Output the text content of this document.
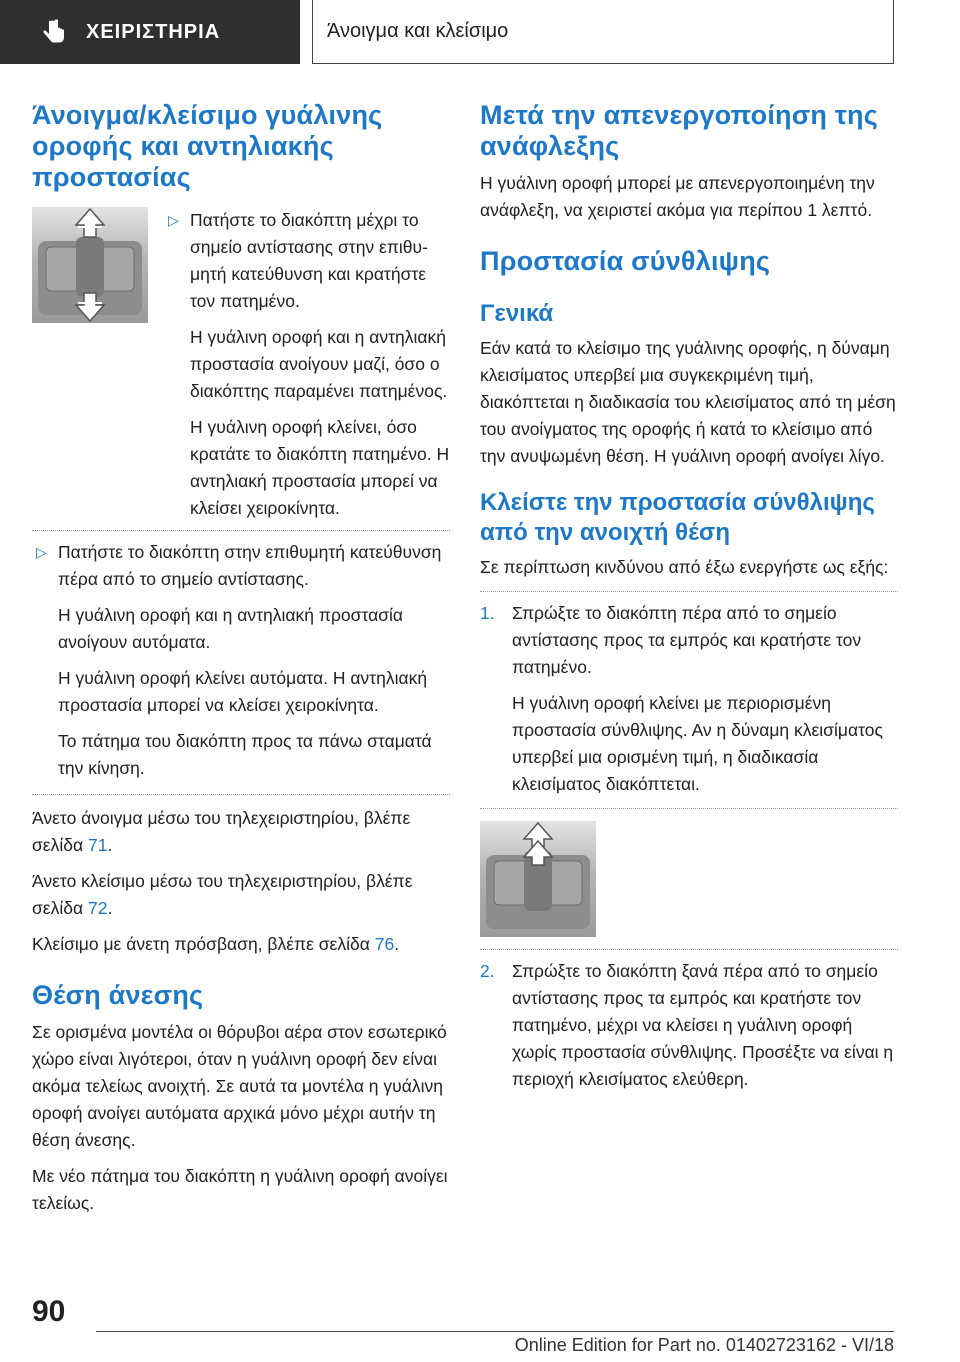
ΧΕΙΡΙΣΤΗΡΙΑ	Άνοιγμα και κλείσιμο
Άνοιγμα/κλείσιμο γυάλινης οροφής και αντηλιακής προστασίας
▷ Πατήστε το διακόπτη μέχρι το σημείο αντίστασης στην επιθυμητή κατεύθυνση και κρατήστε τον πατημένο.

Η γυάλινη οροφή και η αντηλιακή προστασία ανοίγουν μαζί, όσο ο διακόπτης παραμένει πατημένος.

Η γυάλινη οροφή κλείνει, όσο κρατάτε το διακόπτη πατημένο. Η αντηλιακή προστασία μπορεί να κλείσει χειροκίνητα.

▷ Πατήστε το διακόπτη στην επιθυμητή κατεύθυνση πέρα από το σημείο αντίστασης.

Η γυάλινη οροφή και η αντηλιακή προστασία ανοίγουν αυτόματα.

Η γυάλινη οροφή κλείνει αυτόματα. Η αντηλιακή προστασία μπορεί να κλείσει χειροκίνητα.

Το πάτημα του διακόπτη προς τα πάνω σταματά την κίνηση.

Άνετο άνοιγμα μέσω του τηλεχειριστηρίου, βλέπε σελίδα 71.

Άνετο κλείσιμο μέσω του τηλεχειριστηρίου, βλέπε σελίδα 72.

Κλείσιμο με άνετη πρόσβαση, βλέπε σελίδα 76.

Θέση άνεσης

Σε ορισμένα μοντέλα οι θόρυβοι αέρα στον εσωτερικό χώρο είναι λιγότεροι, όταν η γυάλινη οροφή δεν είναι ακόμα τελείως ανοιχτή. Σε αυτά τα μοντέλα η γυάλινη οροφή ανοίγει αυτόματα αρχικά μόνο μέχρι αυτήν τη θέση άνεσης.

Με νέο πάτημα του διακόπτη η γυάλινη οροφή ανοίγει τελείως.

Μετά την απενεργοποίηση της ανάφλεξης

Η γυάλινη οροφή μπορεί με απενεργοποιημένη την ανάφλεξη, να χειριστεί ακόμα για περίπου 1 λεπτό.

Προστασία σύνθλιψης
Γενικά

Εάν κατά το κλείσιμο της γυάλινης οροφής, η δύναμη κλεισίματος υπερβεί μια συγκεκριμένη τιμή, διακόπτεται η διαδικασία του κλεισίματος από τη μέση του ανοίγματος της οροφής ή κατά το κλείσιμο από την ανυψωμένη θέση. Η γυάλινη οροφή ανοίγει λίγο.

Κλείστε την προστασία σύνθλιψης από την ανοιχτή θέση

Σε περίπτωση κινδύνου από έξω ενεργήστε ως εξής:

1. Σπρώξτε το διακόπτη πέρα από το σημείο αντίστασης προς τα εμπρός και κρατήστε τον πατημένο.

Η γυάλινη οροφή κλείνει με περιορισμένη προστασία σύνθλιψης. Αν η δύναμη κλεισίματος υπερβεί μια ορισμένη τιμή, η διαδικασία κλεισίματος διακόπτεται.

2. Σπρώξτε το διακόπτη ξανά πέρα από το σημείο αντίστασης προς τα εμπρός και κρατήστε τον πατημένο, μέχρι να κλείσει η γυάλινη οροφή χωρίς προστασία σύνθλιψης. Προσέξτε να είναι η περιοχή κλεισίματος ελεύθερη.

90
Online Edition for Part no. 01402723162 - VI/18
